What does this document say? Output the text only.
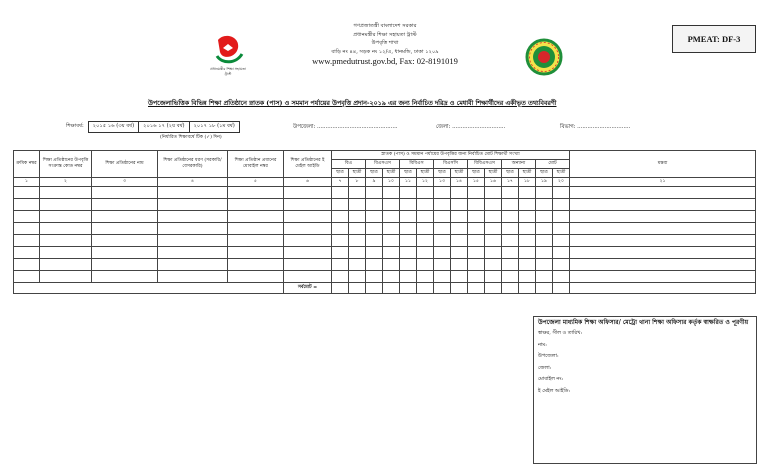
PMEAT: DF-3
প্রধানমন্ত্রীর শিক্ষা সহায়তা ট্রাস্ট
গণপ্রজাতন্ত্রী বাংলাদেশ সরকার
প্রধানমন্ত্রীর শিক্ষা সহায়তা ট্রাস্ট
উপবৃত্তি শাখা
বাড়ি নং ৪৪, সড়ক নং ১২/এ, ধানমন্ডি, ঢাকা ১২০৯
www.pmedutrust.gov.bd, Fax: 02-8191019
উপজেলাভিত্তিক বিভিন্ন শিক্ষা প্রতিষ্ঠানে স্নাতক (পাস) ও সমমান পর্যায়ের উপবৃত্তি প্রদান-২০১৯ এর জন্য নির্বাচিত দরিদ্র ও মেধাবী শিক্ষার্থীদের একীভূত তথ্যবিবরণী
শিক্ষাবর্ষ:	২০১৫ ১৬ (৩য় বর্ষ)	২০১৬ ১৭ (২য় বর্ষ)	২০১৭ ১৮ (১ম বর্ষ)
(নির্ধারিত শিক্ষাবর্ষে টিক (✓) দিন)
উপজেলা: ...............................................	জেলা: ...............................	বিভাগ: ...............................
ক্রমিক নম্বর	শিক্ষা প্রতিষ্ঠানের উপবৃত্তি সংক্রান্ত কোড নম্বর	শিক্ষা প্রতিষ্ঠানের নাম	শিক্ষা প্রতিষ্ঠানের ধরণ (সরকারি/বেসরকারি)	শিক্ষা প্রতিষ্ঠান প্রধানের মোবাইল নম্বর	শিক্ষা প্রতিষ্ঠানের ই মেইল আইডি	স্নাতক (পাস) ও সমমান পর্যায়ের উপবৃত্তির জন্য নির্বাচিত মোট শিক্ষার্থী সংখ্যা														মন্তব্য
						বিএ		বিএসএস		বিবিএস		বিএসসি		বিবিএসএস		অন্যান্য		মোট		
						ছাত্র	ছাত্রী	ছাত্র	ছাত্রী	ছাত্র	ছাত্রী	ছাত্র	ছাত্রী	ছাত্র	ছাত্রী	ছাত্র	ছাত্রী	ছাত্র	ছাত্রী	
১	২	৩	৪	৫	৬	৭	৮	৯	১০	১১	১২	১৩	১৪	১৫	১৬	১৭	১৮	১৯	২০	২১

					সর্বমোট =															
উপজেলা মাধ্যমিক শিক্ষা অফিসার/ মেট্রো থানা শিক্ষা অফিসার কর্তৃক স্বাক্ষরিত ও পূরণীয়
স্বাক্ষর, সীল ও তারিখ:
নাম:
উপজেলা:
জেলা:
মোবাইল নং:
ই মেইল আইডি:
